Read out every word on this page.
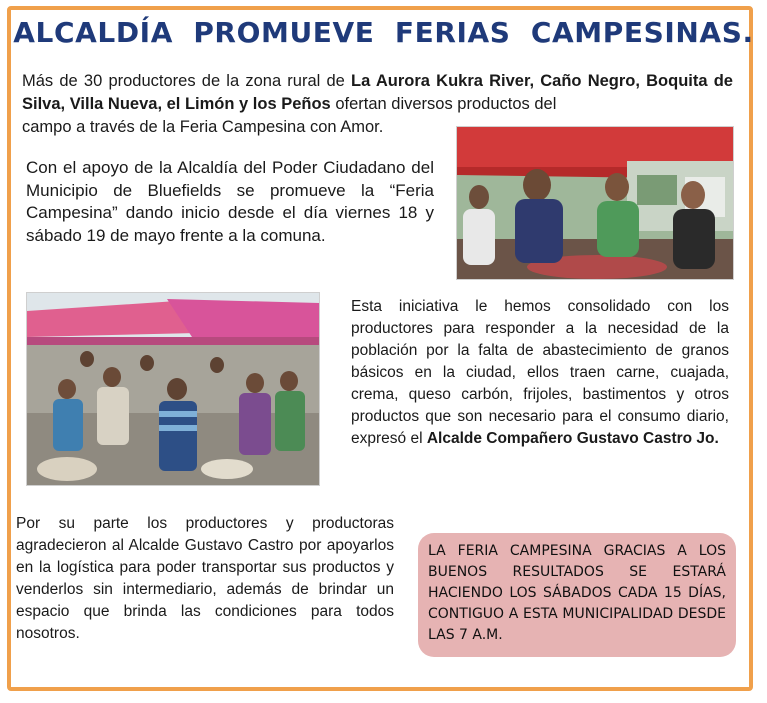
ALCALDÍA PROMUEVE FERIAS CAMPESINAS.

Más de 30 productores de la zona rural de La Aurora Kukra River, Caño Negro, Boquita de Silva, Villa Nueva, el Limón y los Peños ofertan diversos productos del

campo a través de la Feria Campesina con Amor.

Con el apoyo de la Alcaldía del Poder Ciudadano del Municipio de Bluefields se promueve la “Feria Campesina” dando inicio desde el día viernes 18 y sábado 19 de mayo frente a la comuna.

Esta iniciativa le hemos consolidado con los productores para responder a la necesidad de la población por la falta de abastecimiento de granos básicos en la ciudad, ellos traen carne, cuajada, crema, queso carbón, frijoles, bastimentos y otros productos que son necesario para el consumo diario, expresó el Alcalde Compañero Gustavo Castro Jo.

Por su parte los productores y productoras agradecieron al Alcalde Gustavo Castro por apoyarlos en la logística para poder transportar sus productos y venderlos sin intermediario, además de brindar un espacio que brinda las condiciones para todos nosotros.

LA FERIA CAMPESINA GRACIAS A LOS BUENOS RESULTADOS SE ESTARÁ HACIENDO LOS SÁBADOS CADA 15 DÍAS, CONTIGUO A ESTA MUNICIPALIDAD DESDE LAS 7 A.M.
